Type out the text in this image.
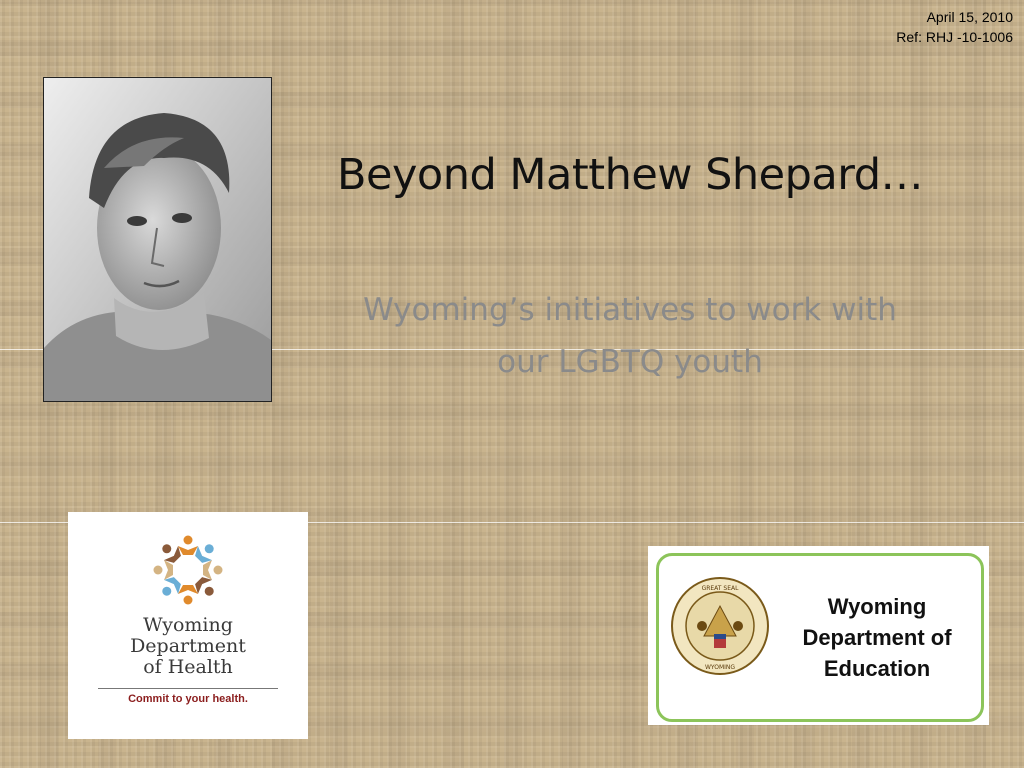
April 15, 2010
Ref: RHJ -10-1006
Beyond Matthew Shepard…
Wyoming’s initiatives to work with
our LGBTQ youth
Wyoming
Department
of Health
Commit to your health.
GREAT SEAL
WYOMING
Wyoming
Department of
Education
